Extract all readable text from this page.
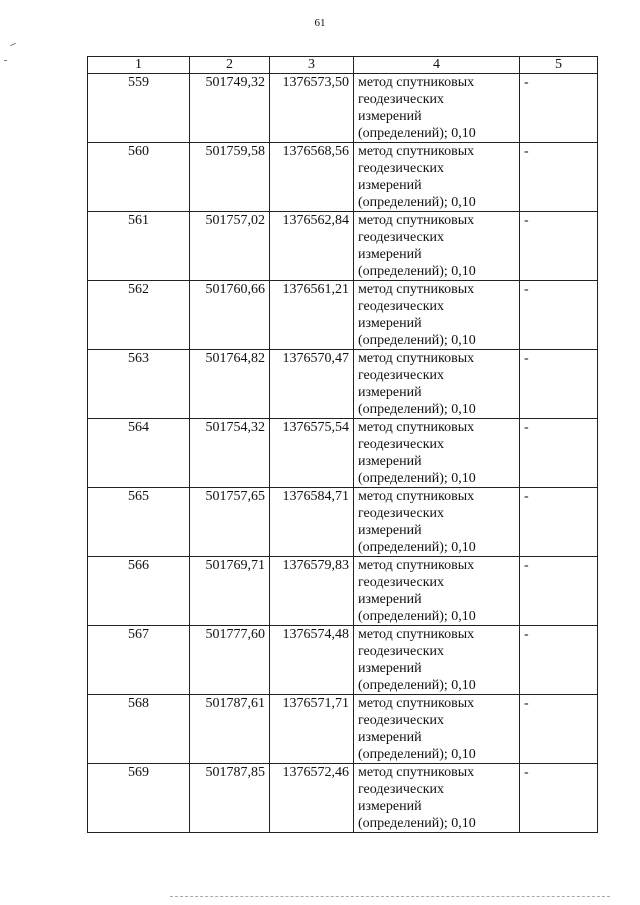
61
1	2	3	4	5
559	501749,32	1376573,50	метод спутниковых
геодезических
измерений
(определений); 0,10	-
560	501759,58	1376568,56	метод спутниковых
геодезических
измерений
(определений); 0,10	-
561	501757,02	1376562,84	метод спутниковых
геодезических
измерений
(определений); 0,10	-
562	501760,66	1376561,21	метод спутниковых
геодезических
измерений
(определений); 0,10	-
563	501764,82	1376570,47	метод спутниковых
геодезических
измерений
(определений); 0,10	-
564	501754,32	1376575,54	метод спутниковых
геодезических
измерений
(определений); 0,10	-
565	501757,65	1376584,71	метод спутниковых
геодезических
измерений
(определений); 0,10	-
566	501769,71	1376579,83	метод спутниковых
геодезических
измерений
(определений); 0,10	-
567	501777,60	1376574,48	метод спутниковых
геодезических
измерений
(определений); 0,10	-
568	501787,61	1376571,71	метод спутниковых
геодезических
измерений
(определений); 0,10	-
569	501787,85	1376572,46	метод спутниковых
геодезических
измерений
(определений); 0,10	-
